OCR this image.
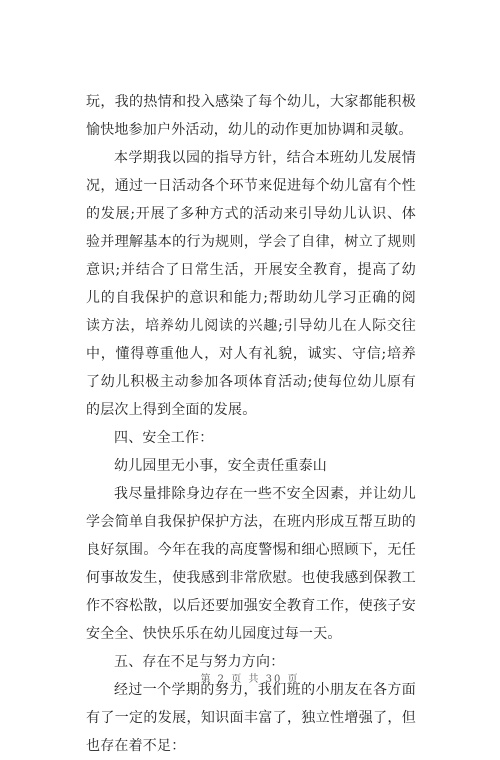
玩，我的热情和投入感染了每个幼儿，大家都能积极愉快地参加户外活动，幼儿的动作更加协调和灵敏。

本学期我以园的指导方针，结合本班幼儿发展情况，通过一日活动各个环节来促进每个幼儿富有个性的发展;开展了多种方式的活动来引导幼儿认识、体验并理解基本的行为规则，学会了自律，树立了规则意识;并结合了日常生活，开展安全教育，提高了幼儿的自我保护的意识和能力;帮助幼儿学习正确的阅读方法，培养幼儿阅读的兴趣;引导幼儿在人际交往中，懂得尊重他人，对人有礼貌，诚实、守信;培养了幼儿积极主动参加各项体育活动;使每位幼儿原有的层次上得到全面的发展。

四、安全工作：

幼儿园里无小事，安全责任重泰山

我尽量排除身边存在一些不安全因素，并让幼儿学会简单自我保护保护方法，在班内形成互帮互助的良好氛围。今年在我的高度警惕和细心照顾下，无任何事故发生，使我感到非常欣慰。也使我感到保教工作不容松散，以后还要加强安全教育工作，使孩子安安全全、快快乐乐在幼儿园度过每一天。

五、存在不足与努力方向：

经过一个学期的努力，我们班的小朋友在各方面有了一定的发展，知识面丰富了，独立性增强了，但也存在着不足：

第 2 页 共 30 页
